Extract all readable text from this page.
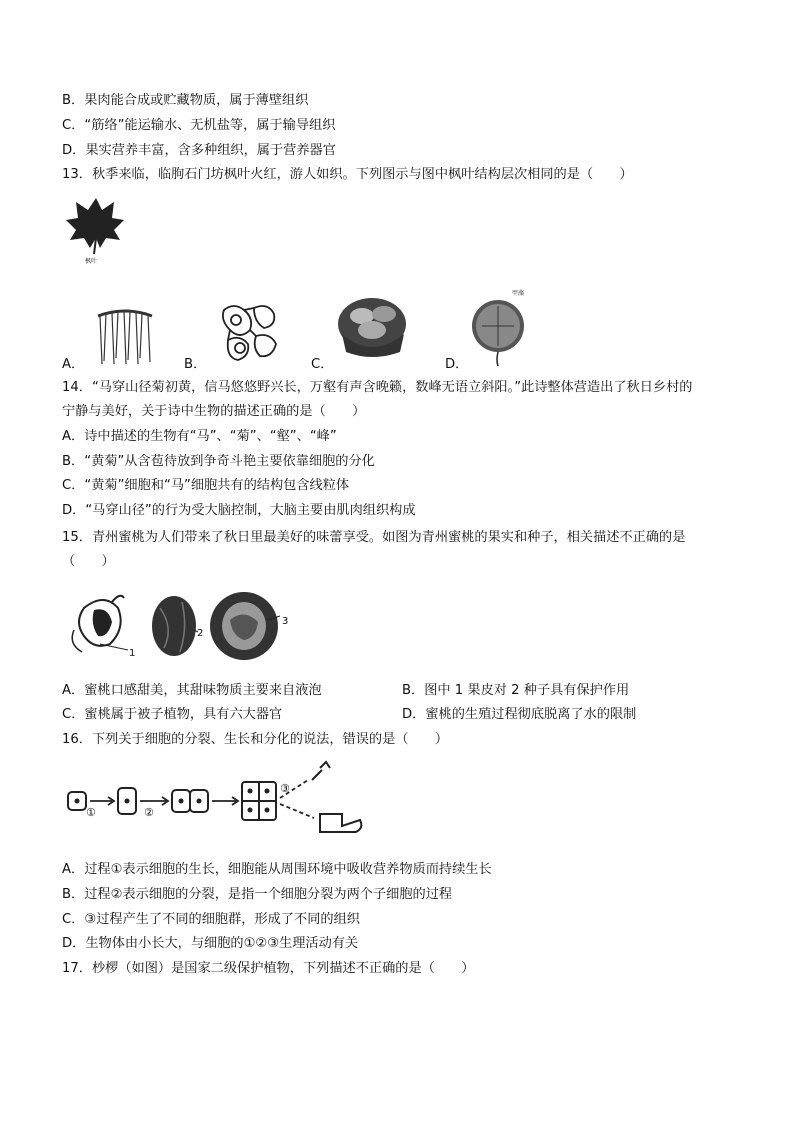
B．果肉能合成或贮藏物质，属于薄壁组织
C．“筋络”能运输水、无机盐等，属于输导组织
D．果实营养丰富，含多种组织，属于营养器官
13．秋季来临，临朐石门坊枫叶火红，游人如织。下列图示与图中枫叶结构层次相同的是（　　）
枫叶
甲藻
A．	B．	C．	D．
14．“马穿山径菊初黄，信马悠悠野兴长，万壑有声含晚籁，数峰无语立斜阳。”此诗整体营造出了秋日乡村的
宁静与美好，关于诗中生物的描述正确的是（　　）
A．诗中描述的生物有“马”、“菊”、“壑”、“峰”
B．“黄菊”从含苞待放到争奇斗艳主要依靠细胞的分化
C．“黄菊”细胞和“马”细胞共有的结构包含线粒体
D．“马穿山径”的行为受大脑控制，大脑主要由肌肉组织构成
15．青州蜜桃为人们带来了秋日里最美好的味蕾享受。如图为青州蜜桃的果实和种子，相关描述不正确的是
（　　）
1
2
3
A．蜜桃口感甜美，其甜味物质主要来自液泡	B．图中 1 果皮对 2 种子具有保护作用
C．蜜桃属于被子植物，具有六大器官	D．蜜桃的生殖过程彻底脱离了水的限制
16．下列关于细胞的分裂、生长和分化的说法，错误的是（　　）
①	②
③
A．过程①表示细胞的生长，细胞能从周围环境中吸收营养物质而持续生长
B．过程②表示细胞的分裂，是指一个细胞分裂为两个子细胞的过程
C．③过程产生了不同的细胞群，形成了不同的组织
D．生物体由小长大，与细胞的①②③生理活动有关
17．杪椤（如图）是国家二级保护植物，下列描述不正确的是（　　）
